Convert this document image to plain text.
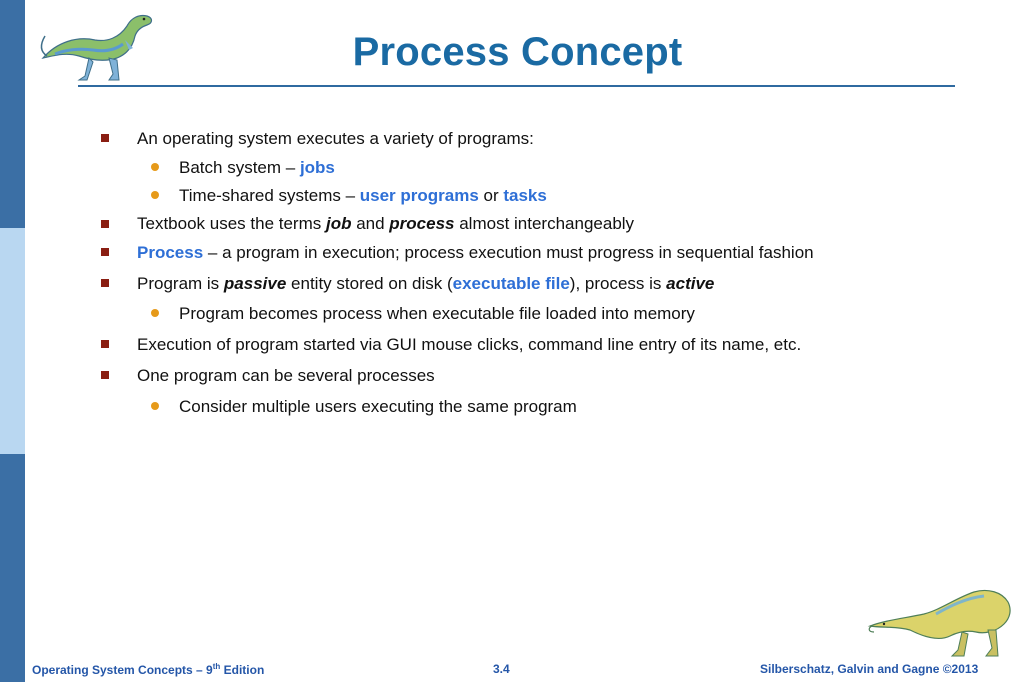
Process Concept
An operating system executes a variety of programs:
Batch system – jobs
Time-shared systems – user programs or tasks
Textbook uses the terms job and process almost interchangeably
Process – a program in execution; process execution must progress in sequential fashion
Program is passive entity stored on disk (executable file), process is active
Program becomes process when executable file loaded into memory
Execution of program started via GUI mouse clicks, command line entry of its name, etc.
One program can be several processes
Consider multiple users executing the same program
Operating System Concepts – 9th Edition	3.4	Silberschatz, Galvin and Gagne ©2013
